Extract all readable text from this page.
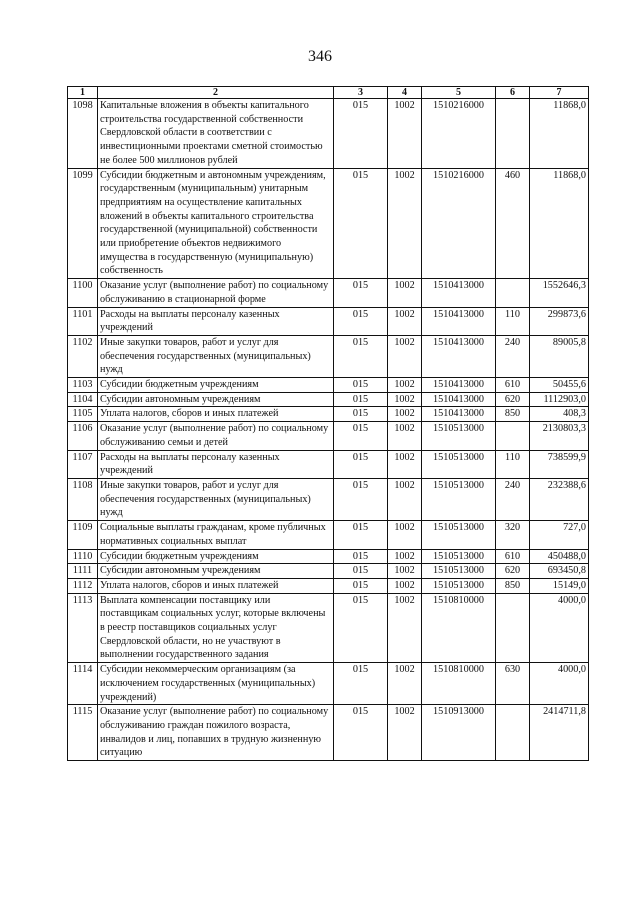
346
1	2	3	4	5	6	7
1098	Капитальные вложения в объекты капитального строительства государственной собственности Свердловской области в соответствии с инвестиционными проектами сметной стоимостью не более 500 миллионов рублей	015	1002	1510216000		11868,0
1099	Субсидии бюджетным и автономным учреждениям, государственным (муниципальным) унитарным предприятиям на осуществление капитальных вложений в объекты капитального строительства государственной (муниципальной) собственности или приобретение объектов недвижимого имущества в государственную (муниципальную) собственность	015	1002	1510216000	460	11868,0
1100	Оказание услуг (выполнение работ) по социальному обслуживанию в стационарной форме	015	1002	1510413000		1552646,3
1101	Расходы на выплаты персоналу казенных учреждений	015	1002	1510413000	110	299873,6
1102	Иные закупки товаров, работ и услуг для обеспечения государственных (муниципальных) нужд	015	1002	1510413000	240	89005,8
1103	Субсидии бюджетным учреждениям	015	1002	1510413000	610	50455,6
1104	Субсидии автономным учреждениям	015	1002	1510413000	620	1112903,0
1105	Уплата налогов, сборов и иных платежей	015	1002	1510413000	850	408,3
1106	Оказание услуг (выполнение работ) по социальному обслуживанию семьи и детей	015	1002	1510513000		2130803,3
1107	Расходы на выплаты персоналу казенных учреждений	015	1002	1510513000	110	738599,9
1108	Иные закупки товаров, работ и услуг для обеспечения государственных (муниципальных) нужд	015	1002	1510513000	240	232388,6
1109	Социальные выплаты гражданам, кроме публичных нормативных социальных выплат	015	1002	1510513000	320	727,0
1110	Субсидии бюджетным учреждениям	015	1002	1510513000	610	450488,0
1111	Субсидии автономным учреждениям	015	1002	1510513000	620	693450,8
1112	Уплата налогов, сборов и иных платежей	015	1002	1510513000	850	15149,0
1113	Выплата компенсации поставщику или поставщикам социальных услуг, которые включены в реестр поставщиков социальных услуг Свердловской области, но не участвуют в выполнении государственного задания	015	1002	1510810000		4000,0
1114	Субсидии некоммерческим организациям (за исключением государственных (муниципальных) учреждений)	015	1002	1510810000	630	4000,0
1115	Оказание услуг (выполнение работ) по социальному обслуживанию граждан пожилого возраста, инвалидов и лиц, попавших в трудную жизненную ситуацию	015	1002	1510913000		2414711,8
